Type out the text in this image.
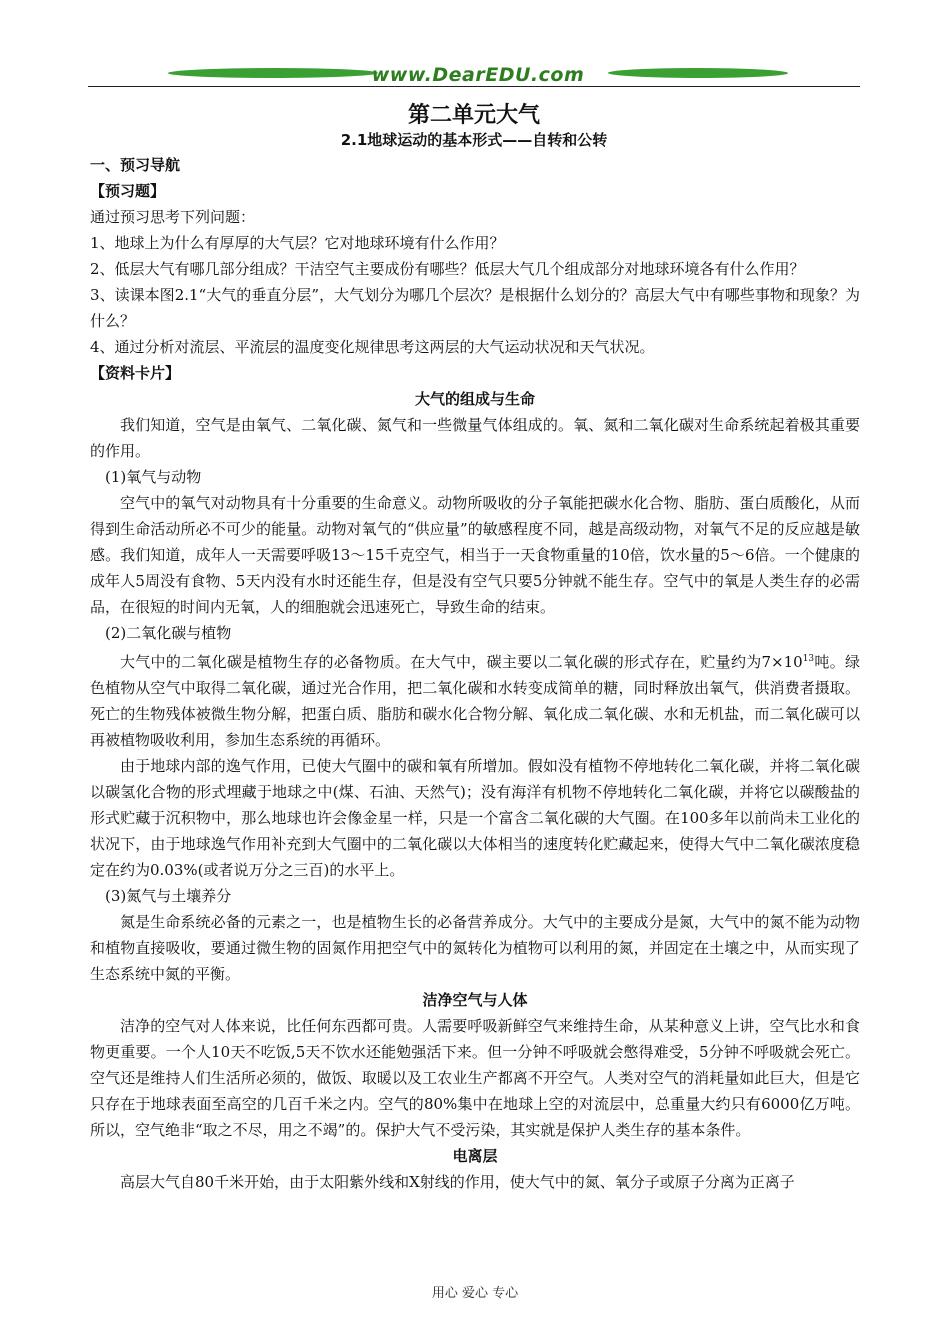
www.DearEDU.com
第二单元大气
2.1地球运动的基本形式——自转和公转

一、预习导航

【预习题】

通过预习思考下列问题：

1、地球上为什么有厚厚的大气层？它对地球环境有什么作用？

2、低层大气有哪几部分组成？干洁空气主要成份有哪些？低层大气几个组成部分对地球环境各有什么作用？

3、读课本图2.1“大气的垂直分层”，大气划分为哪几个层次？是根据什么划分的？高层大气中有哪些事物和现象？为什么？

4、通过分析对流层、平流层的温度变化规律思考这两层的大气运动状况和天气状况。

【资料卡片】

大气的组成与生命

我们知道，空气是由氧气、二氧化碳、氮气和一些微量气体组成的。氧、氮和二氧化碳对生命系统起着极其重要的作用。

(1)氧气与动物

空气中的氧气对动物具有十分重要的生命意义。动物所吸收的分子氧能把碳水化合物、脂肪、蛋白质酸化，从而得到生命活动所必不可少的能量。动物对氧气的“供应量”的敏感程度不同，越是高级动物，对氧气不足的反应越是敏感。我们知道，成年人一天需要呼吸13～15千克空气，相当于一天食物重量的10倍，饮水量的5～6倍。一个健康的成年人5周没有食物、5天内没有水时还能生存，但是没有空气只要5分钟就不能生存。空气中的氧是人类生存的必需品，在很短的时间内无氧，人的细胞就会迅速死亡，导致生命的结束。

(2)二氧化碳与植物

大气中的二氧化碳是植物生存的必备物质。在大气中，碳主要以二氧化碳的形式存在，贮量约为$7\times 10^{13}$吨。绿色植物从空气中取得二氧化碳，通过光合作用，把二氧化碳和水转变成简单的糖，同时释放出氧气，供消费者摄取。死亡的生物残体被微生物分解，把蛋白质、脂肪和碳水化合物分解、氧化成二氧化碳、水和无机盐，而二氧化碳可以再被植物吸收利用，参加生态系统的再循环。

由于地球内部的逸气作用，已使大气圈中的碳和氧有所增加。假如没有植物不停地转化二氧化碳，并将二氧化碳以碳氢化合物的形式埋藏于地球之中(煤、石油、天然气)；没有海洋有机物不停地转化二氧化碳，并将它以碳酸盐的形式贮藏于沉积物中，那么地球也许会像金星一样，只是一个富含二氧化碳的大气圈。在100多年以前尚未工业化的状况下，由于地球逸气作用补充到大气圈中的二氧化碳以大体相当的速度转化贮藏起来，使得大气中二氧化碳浓度稳定在约为0.03%(或者说万分之三百)的水平上。

(3)氮气与土壤养分

氮是生命系统必备的元素之一，也是植物生长的必备营养成分。大气中的主要成分是氮，大气中的氮不能为动物和植物直接吸收，要通过微生物的固氮作用把空气中的氮转化为植物可以利用的氮，并固定在土壤之中，从而实现了生态系统中氮的平衡。

洁净空气与人体

洁净的空气对人体来说，比任何东西都可贵。人需要呼吸新鲜空气来维持生命，从某种意义上讲，空气比水和食物更重要。一个人10天不吃饭,5天不饮水还能勉强活下来。但一分钟不呼吸就会憋得难受，5分钟不呼吸就会死亡。空气还是维持人们生活所必须的，做饭、取暖以及工农业生产都离不开空气。人类对空气的消耗量如此巨大，但是它只存在于地球表面至高空的几百千米之内。空气的80%集中在地球上空的对流层中，总重量大约只有6000亿万吨。所以，空气绝非“取之不尽，用之不竭”的。保护大气不受污染，其实就是保护人类生存的基本条件。

电离层

高层大气自80千米开始，由于太阳紫外线和X射线的作用，使大气中的氮、氧分子或原子分离为正离子

用心 爱心 专心
